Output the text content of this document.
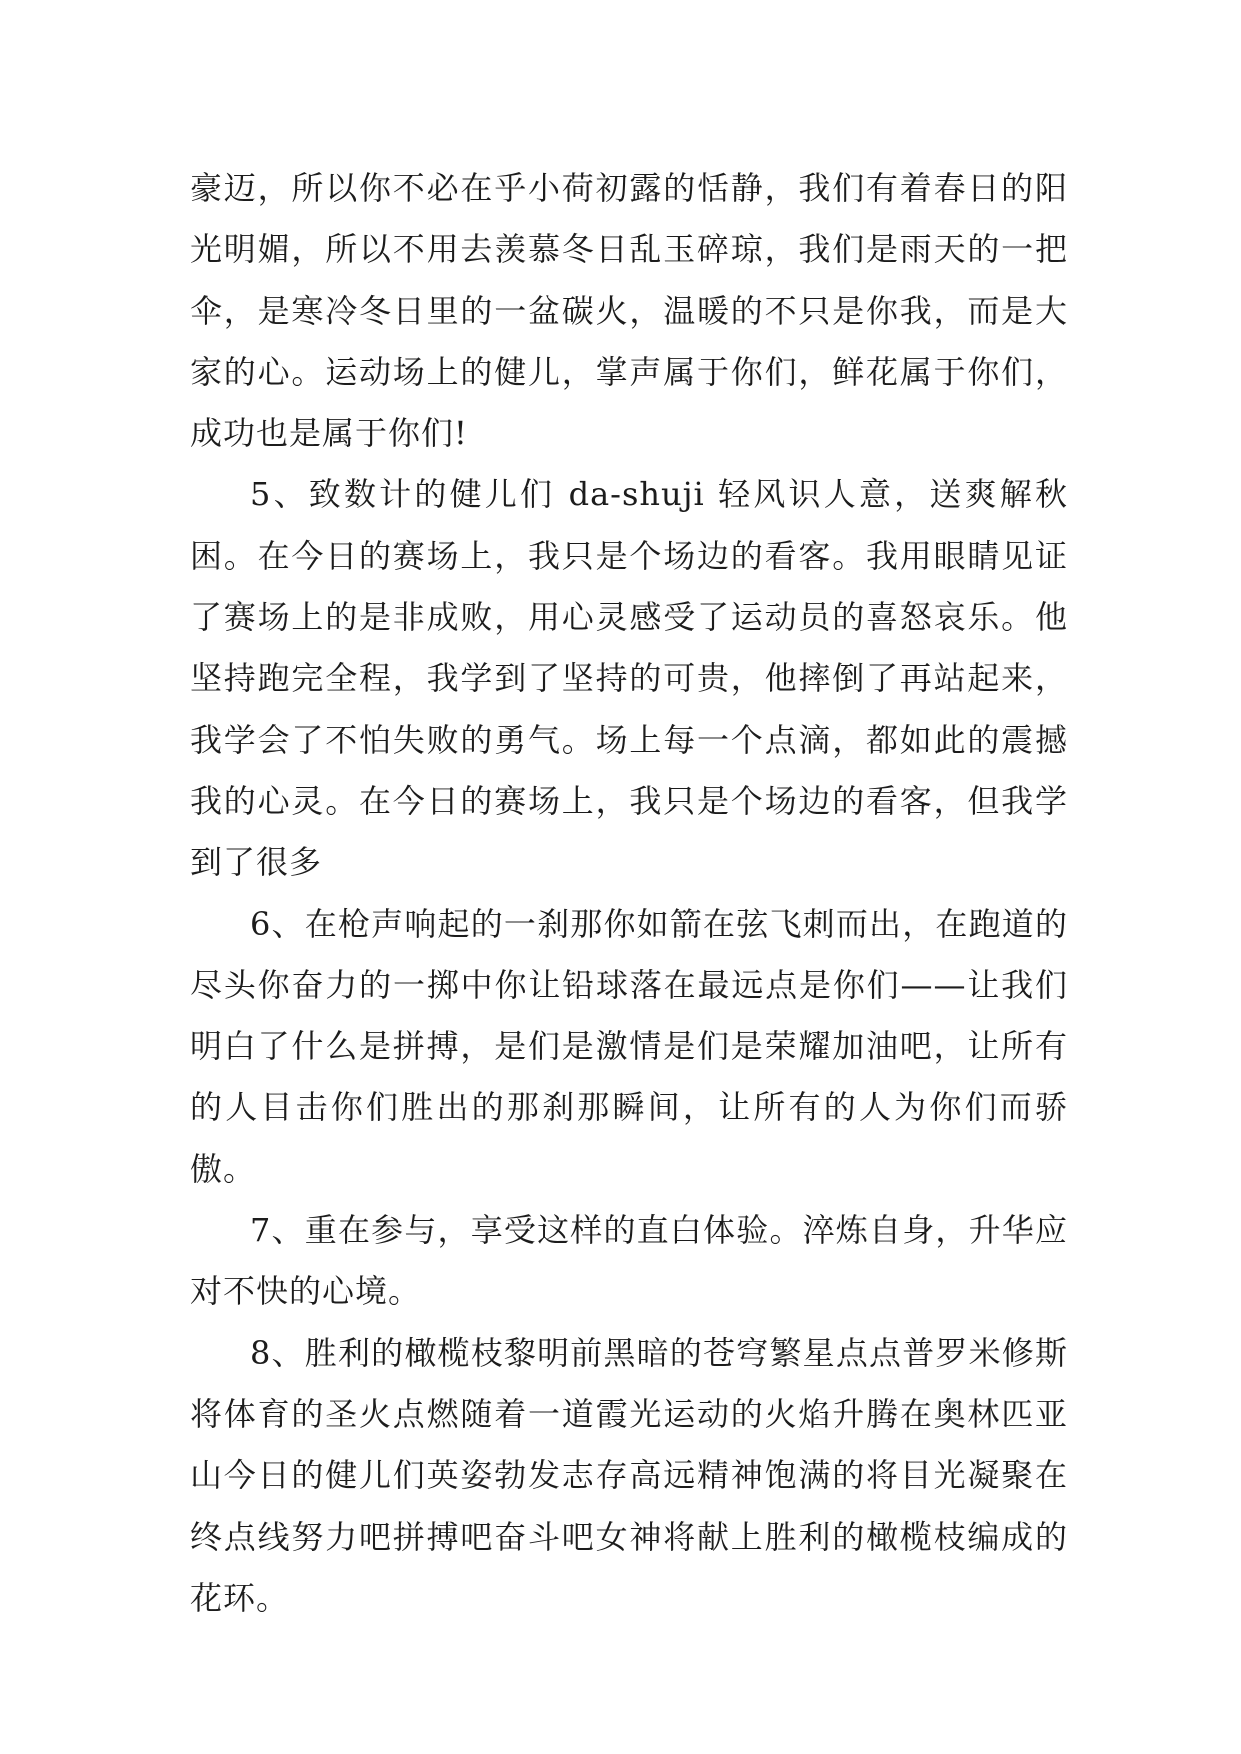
豪迈，所以你不必在乎小荷初露的恬静，我们有着春日的阳光明媚，所以不用去羡慕冬日乱玉碎琼，我们是雨天的一把伞，是寒冷冬日里的一盆碳火，温暖的不只是你我，而是大家的心。运动场上的健儿，掌声属于你们，鲜花属于你们，成功也是属于你们!

5、致数计的健儿们 da-shuji 轻风识人意，送爽解秋困。在今日的赛场上，我只是个场边的看客。我用眼睛见证了赛场上的是非成败，用心灵感受了运动员的喜怒哀乐。他坚持跑完全程，我学到了坚持的可贵，他摔倒了再站起来，我学会了不怕失败的勇气。场上每一个点滴，都如此的震撼我的心灵。在今日的赛场上，我只是个场边的看客，但我学到了很多

6、在枪声响起的一刹那你如箭在弦飞刺而出，在跑道的尽头你奋力的一掷中你让铅球落在最远点是你们——让我们明白了什么是拼搏，是们是激情是们是荣耀加油吧，让所有的人目击你们胜出的那刹那瞬间，让所有的人为你们而骄傲。

7、重在参与，享受这样的直白体验。淬炼自身，升华应对不快的心境。

8、胜利的橄榄枝黎明前黑暗的苍穹繁星点点普罗米修斯将体育的圣火点燃随着一道霞光运动的火焰升腾在奥林匹亚山今日的健儿们英姿勃发志存高远精神饱满的将目光凝聚在终点线努力吧拼搏吧奋斗吧女神将献上胜利的橄榄枝编成的花环。
